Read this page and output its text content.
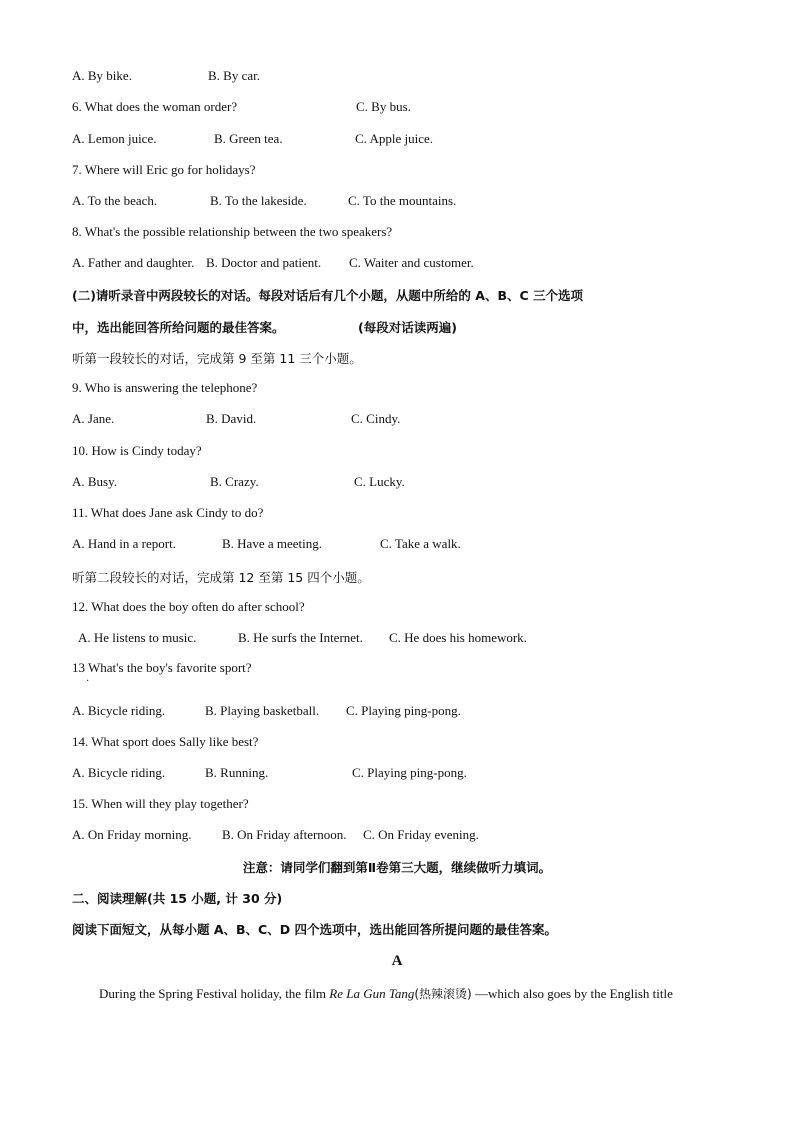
A. By bike.	B. By car.
6. What does the woman order?	C. By bus.
A. Lemon juice.	B. Green tea.	C. Apple juice.
7. Where will Eric go for holidays?
A. To the beach.	B. To the lakeside.	C. To the mountains.
8. What's the possible relationship between the two speakers?
A. Father and daughter. B. Doctor and patient. C. Waiter and customer.
(二)请听录音中两段较长的对话。每段对话后有几个小题，从题中所给的 A、B、C 三个选项
中，选出能回答所给问题的最佳答案。	(每段对话读两遍)
听第一段较长的对话，完成第 9 至第 11 三个小题。
9. Who is answering the telephone?
A. Jane.	B. David.	C. Cindy.
10. How is Cindy today?
A. Busy.	B. Crazy.	C. Lucky.
11. What does Jane ask Cindy to do?
A. Hand in a report.	B. Have a meeting.	C. Take a walk.
听第二段较长的对话，完成第 12 至第 15 四个小题。
12. What does the boy often do after school?
A. He listens to music.	B. He surfs the Internet. C. He does his homework.
13 What's the boy's favorite sport?
·
A. Bicycle riding.	B. Playing basketball. C. Playing ping-pong.
14. What sport does Sally like best?
A. Bicycle riding.	B. Running.	C. Playing ping-pong.
15. When will they play together?
A. On Friday morning. B. On Friday afternoon. C. On Friday evening.
注意：请同学们翻到第Ⅱ卷第三大题，继续做听力填词。
二、阅读理解(共 15 小题, 计 30 分)
阅读下面短文，从每小题 A、B、C、D 四个选项中，选出能回答所提问题的最佳答案。
A
During the Spring Festival holiday, the film Re La Gun Tang(热辣滚烫) —which also goes by the English title
